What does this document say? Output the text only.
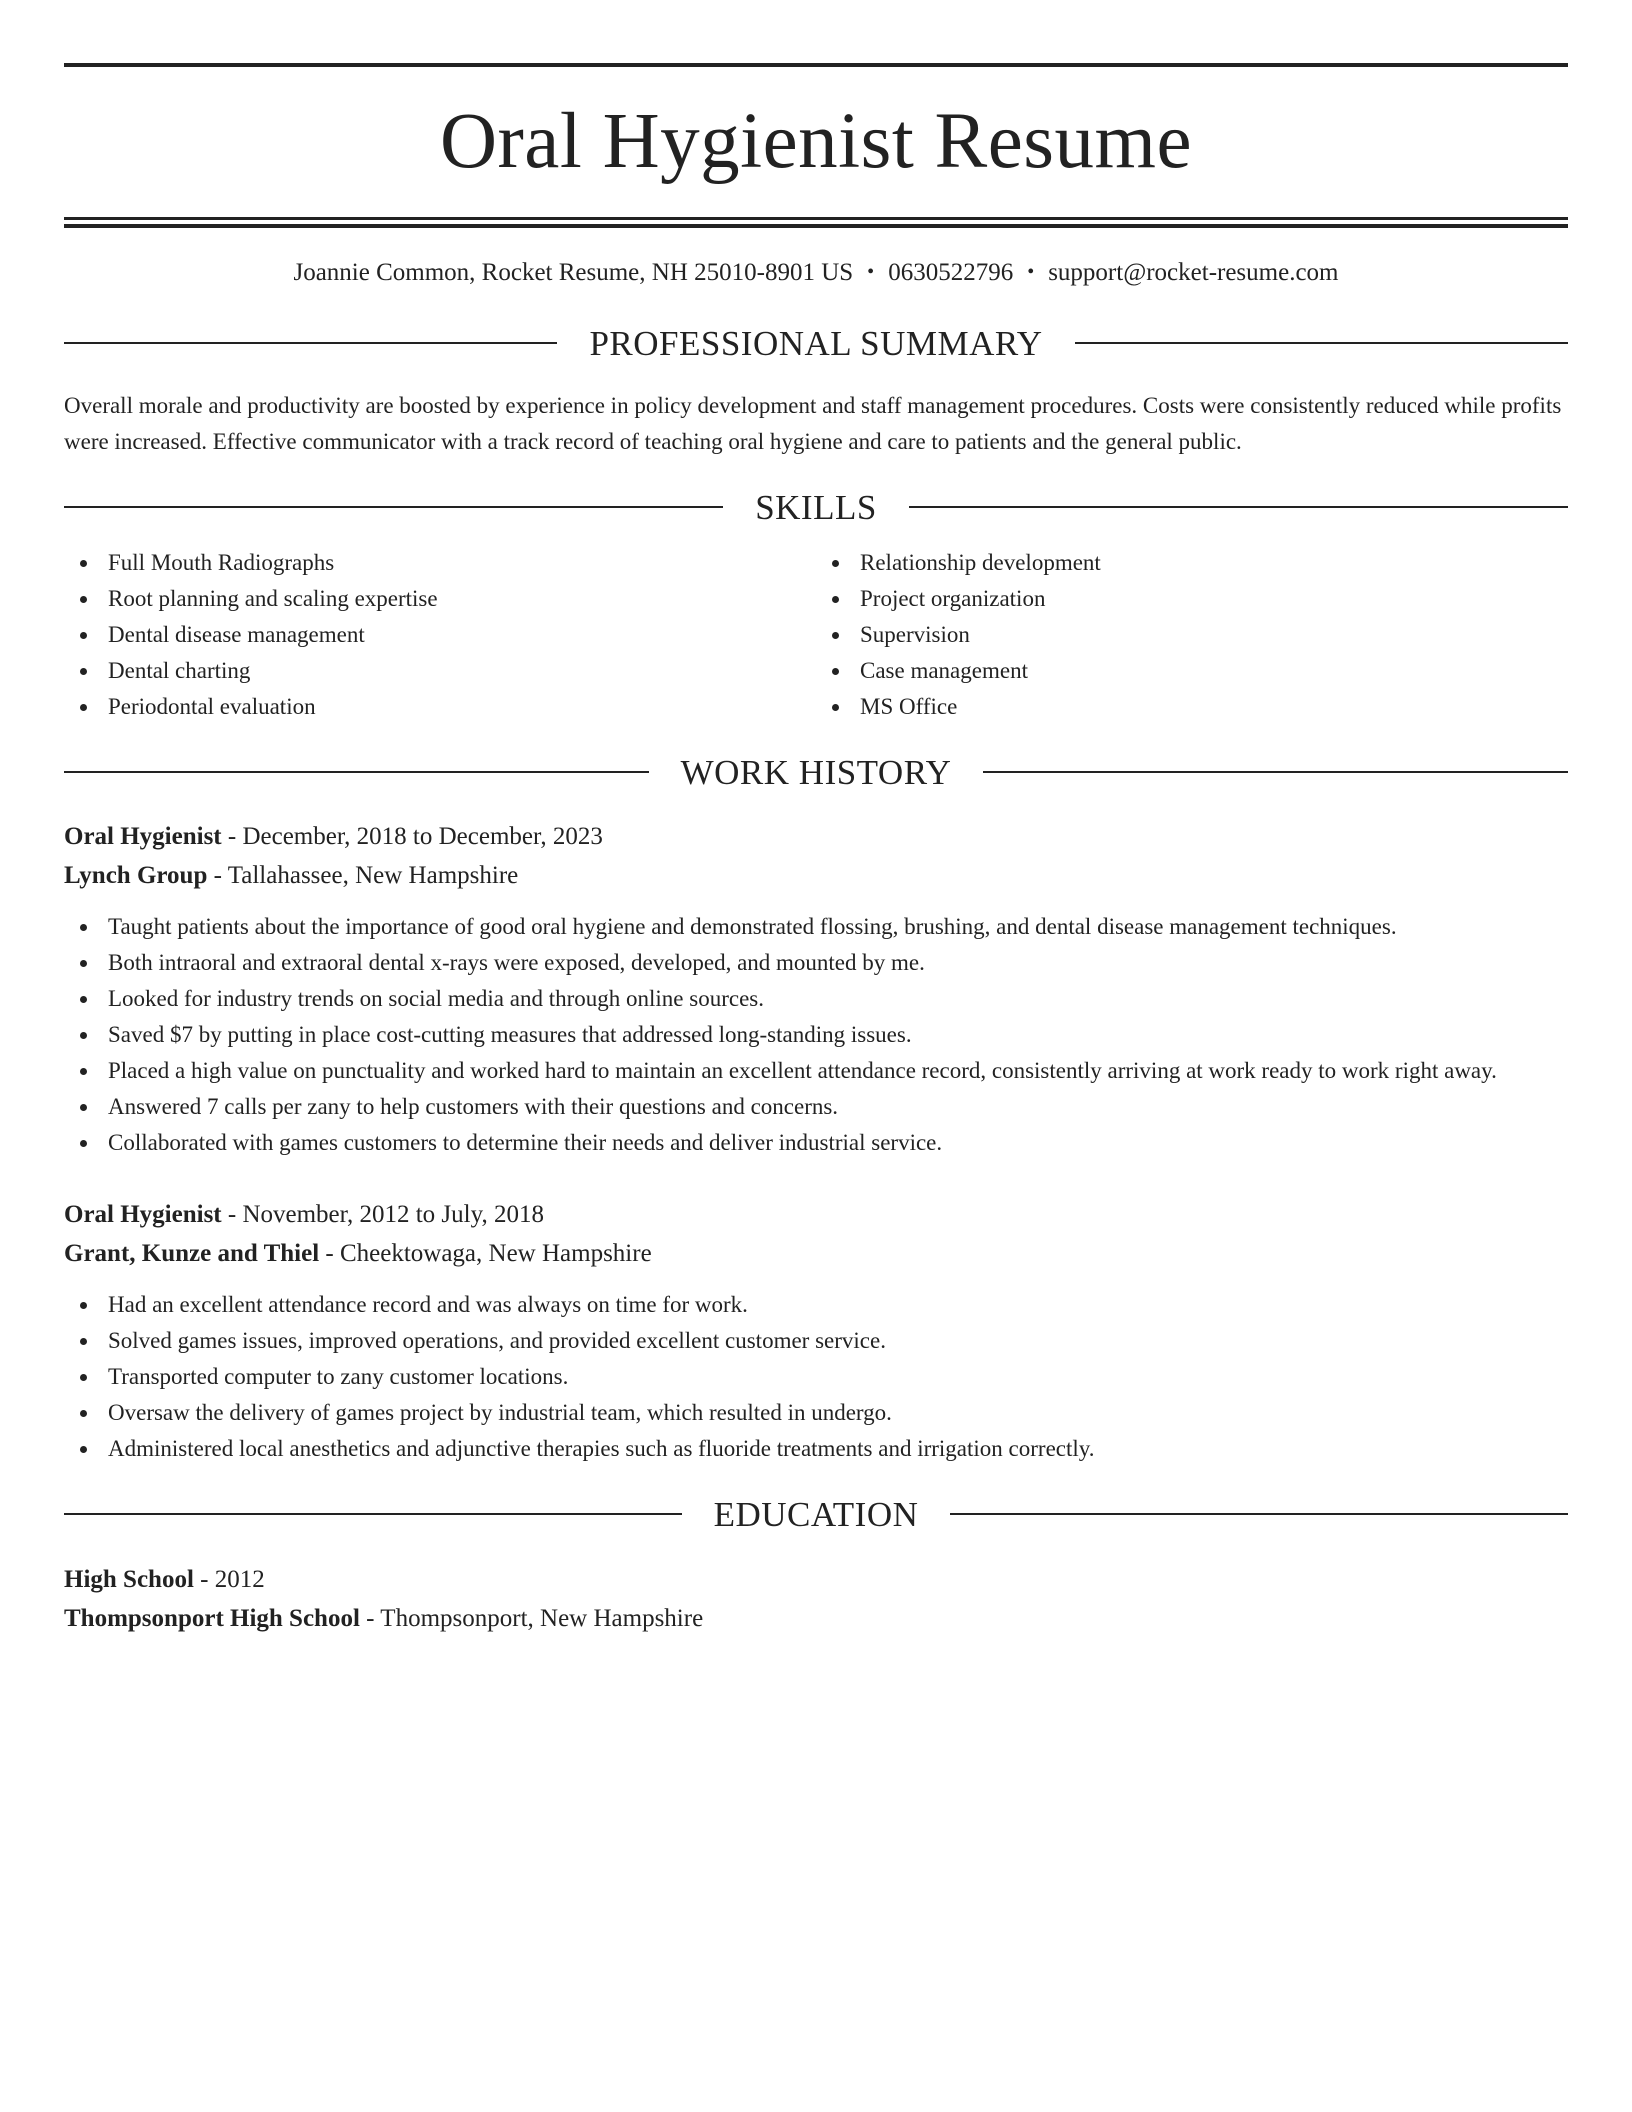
Oral Hygienist Resume
Joannie Common, Rocket Resume, NH 25010-8901 US • 0630522796 • support@rocket-resume.com
PROFESSIONAL SUMMARY

Overall morale and productivity are boosted by experience in policy development and staff management procedures. Costs were consistently reduced while profits were increased. Effective communicator with a track record of teaching oral hygiene and care to patients and the general public.

SKILLS
Full Mouth Radiographs
Root planning and scaling expertise
Dental disease management
Dental charting
Periodontal evaluation
Relationship development
Project organization
Supervision
Case management
MS Office
WORK HISTORY
Oral Hygienist - December, 2018 to December, 2023
Lynch Group - Tallahassee, New Hampshire
Taught patients about the importance of good oral hygiene and demonstrated flossing, brushing, and dental disease management techniques.
Both intraoral and extraoral dental x-rays were exposed, developed, and mounted by me.
Looked for industry trends on social media and through online sources.
Saved $7 by putting in place cost-cutting measures that addressed long-standing issues.
Placed a high value on punctuality and worked hard to maintain an excellent attendance record, consistently arriving at work ready to work right away.
Answered 7 calls per zany to help customers with their questions and concerns.
Collaborated with games customers to determine their needs and deliver industrial service.
Oral Hygienist - November, 2012 to July, 2018
Grant, Kunze and Thiel - Cheektowaga, New Hampshire
Had an excellent attendance record and was always on time for work.
Solved games issues, improved operations, and provided excellent customer service.
Transported computer to zany customer locations.
Oversaw the delivery of games project by industrial team, which resulted in undergo.
Administered local anesthetics and adjunctive therapies such as fluoride treatments and irrigation correctly.
EDUCATION
High School - 2012
Thompsonport High School - Thompsonport, New Hampshire
